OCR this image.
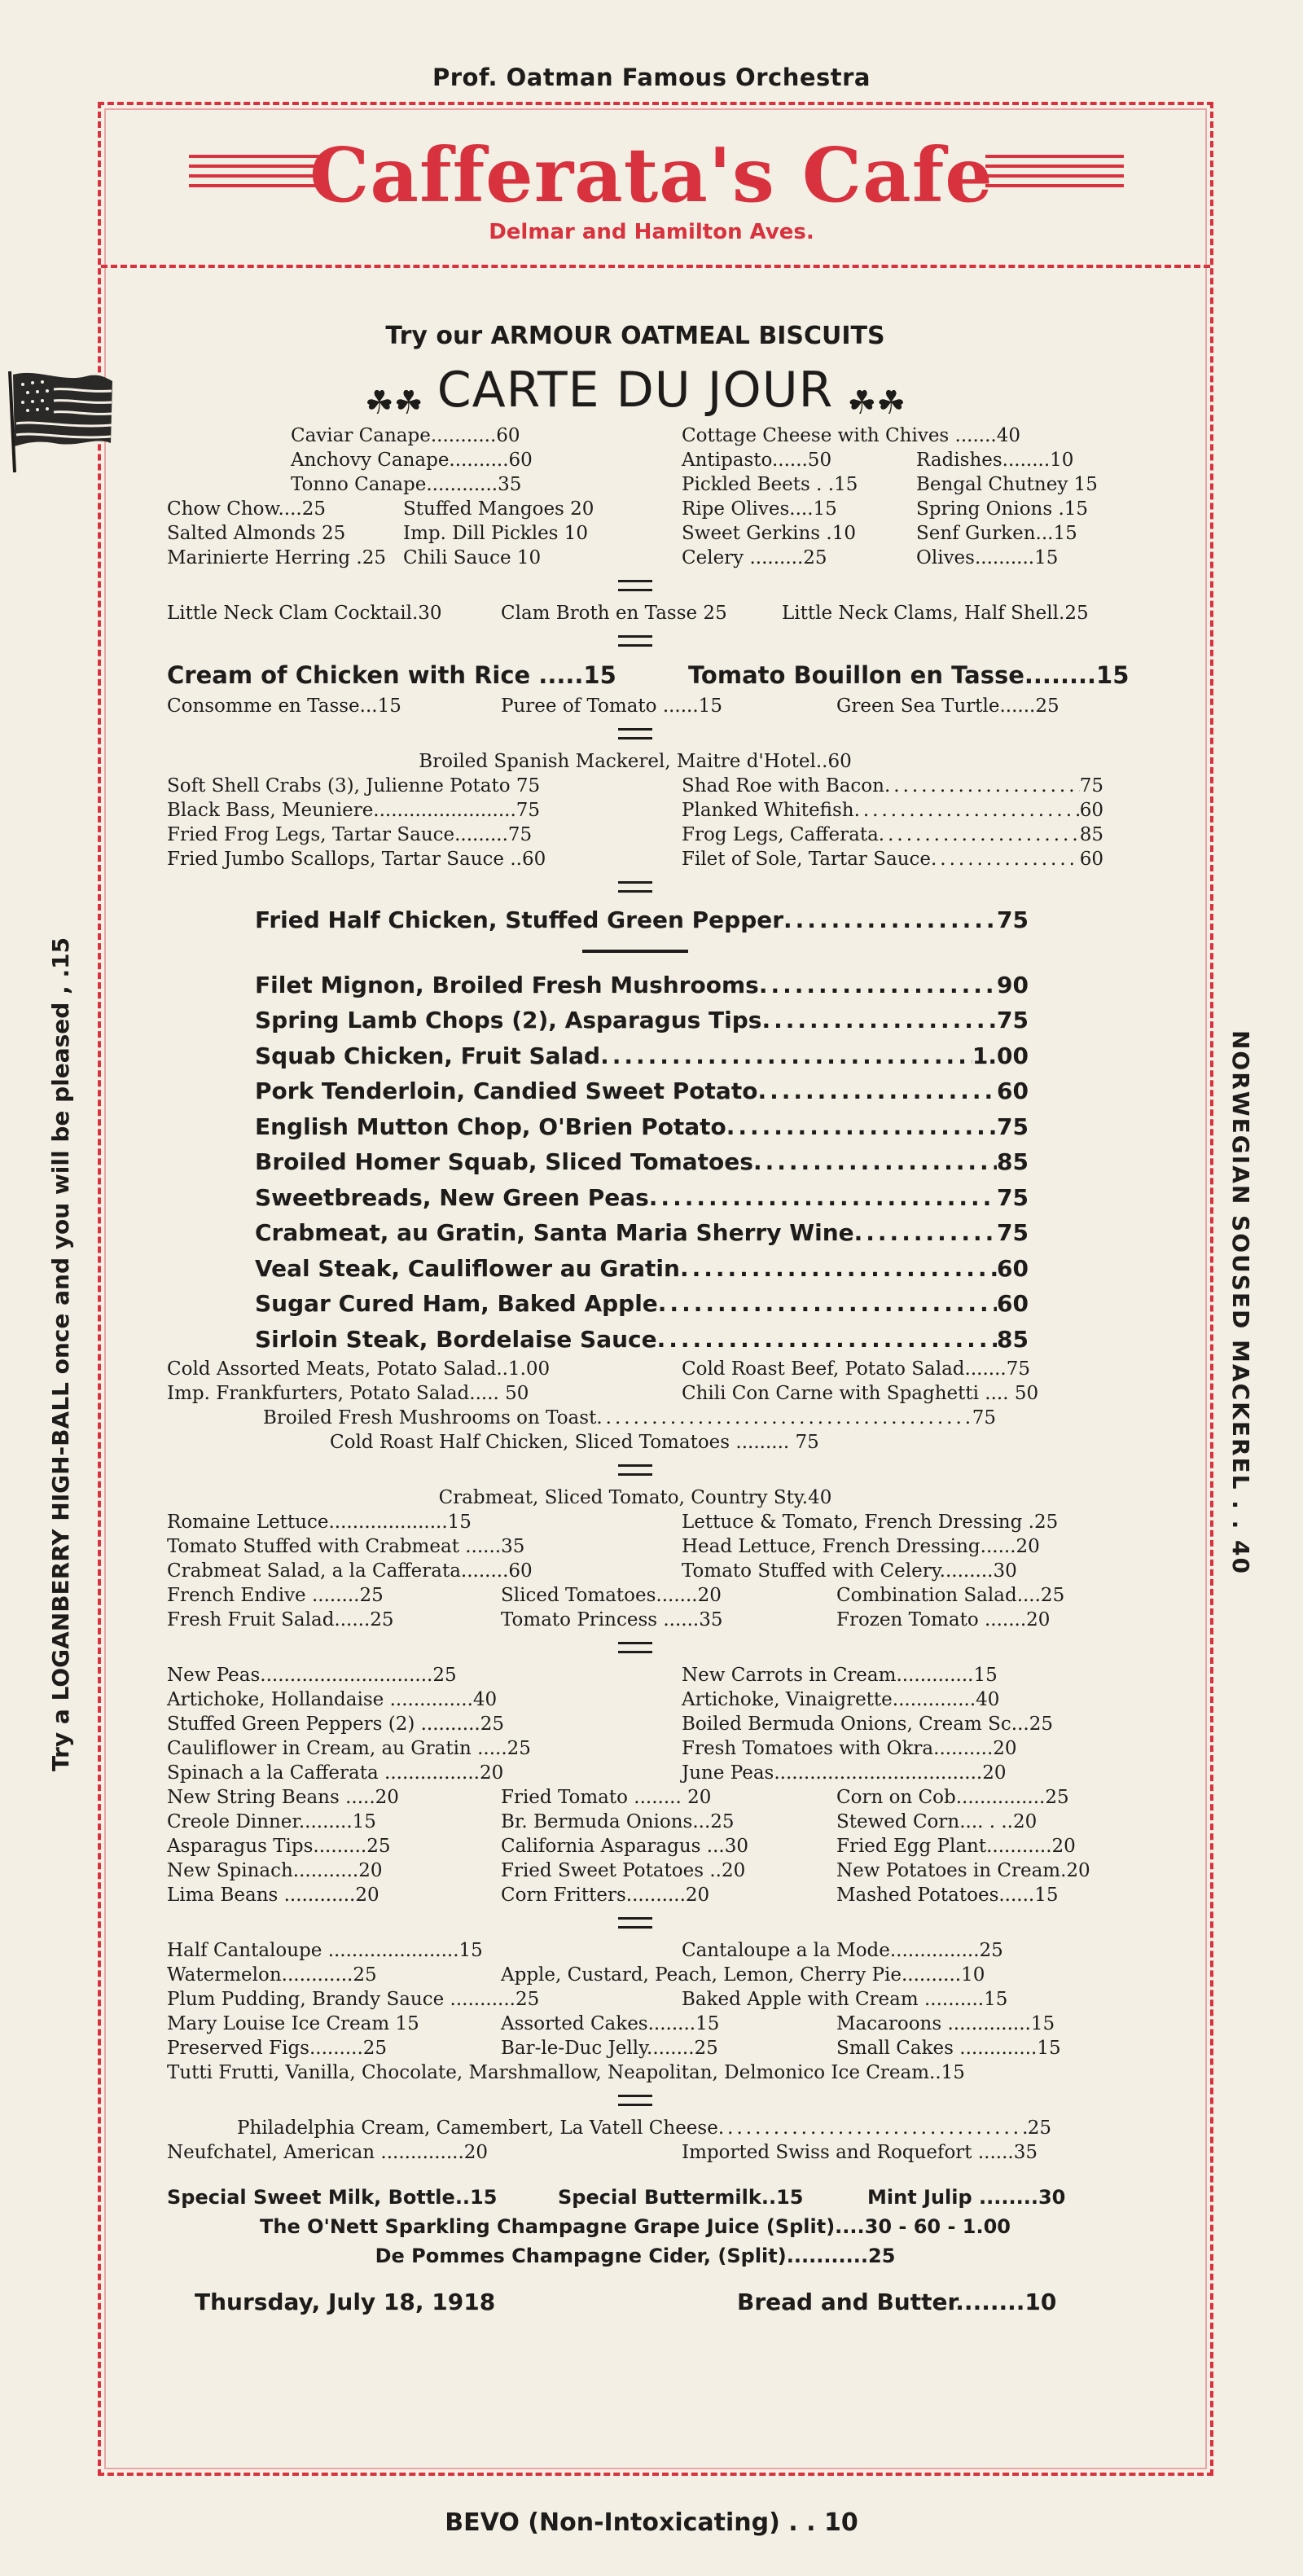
Prof. Oatman Famous Orchestra
Cafferata's Cafe
Delmar and Hamilton Aves.
Try a LOGANBERRY HIGH-BALL once and you will be pleased , .15	NORWEGIAN SOUSED MACKEREL . . 40
Try our ARMOUR OATMEAL BISCUITS
☘☘ CARTE DU JOUR ☘☘
Caviar Canape...........60	Cottage Cheese with Chives .......40
Anchovy Canape..........60	Antipasto......50	Radishes........10
Tonno Canape............35	Pickled Beets . .15	Bengal Chutney 15
Chow Chow....25	Stuffed Mangoes 20	Ripe Olives....15	Spring Onions .15
Salted Almonds 25	Imp. Dill Pickles 10	Sweet Gerkins .10	Senf Gurken...15
Marinierte Herring .25 Chili Sauce 10	Celery .........25	Olives..........15
Little Neck Clam Cocktail.30	Clam Broth en Tasse 25	Little Neck Clams, Half Shell.25
Cream of Chicken with Rice .....15	Tomato Bouillon en Tasse........15
Consomme en Tasse...15	Puree of Tomato ......15	Green Sea Turtle......25
Broiled Spanish Mackerel, Maitre d'Hotel..60
Soft Shell Crabs (3), Julienne Potato 75	Shad Roe with Bacon .....	75
Black Bass, Meuniere........................75	Planked Whitefish .....	60
Fried Frog Legs, Tartar Sauce.........75	Frog Legs, Cafferata .....	85
Fried Jumbo Scallops, Tartar Sauce ..60	Filet of Sole, Tartar Sauce .....	60
Fried Half Chicken, Stuffed Green Pepper .....	75
Filet Mignon, Broiled Fresh Mushrooms .....	90
Spring Lamb Chops (2), Asparagus Tips .....	75
Squab Chicken, Fruit Salad .....	1.00
Pork Tenderloin, Candied Sweet Potato .....	60
English Mutton Chop, O'Brien Potato .....	75
Broiled Homer Squab, Sliced Tomatoes .....	85
Sweetbreads, New Green Peas .....	75
Crabmeat, au Gratin, Santa Maria Sherry Wine .....	75
Veal Steak, Cauliflower au Gratin .....	60
Sugar Cured Ham, Baked Apple .....	60
Sirloin Steak, Bordelaise Sauce .....	85
Cold Assorted Meats, Potato Salad..1.00	Cold Roast Beef, Potato Salad.......75
Imp. Frankfurters, Potato Salad..... 50	Chili Con Carne with Spaghetti .... 50
Broiled Fresh Mushrooms on Toast .....	75
Cold Roast Half Chicken, Sliced Tomatoes ......... 75
Crabmeat, Sliced Tomato, Country Sty.40
Romaine Lettuce....................15	Lettuce & Tomato, French Dressing .25
Tomato Stuffed with Crabmeat ......35	Head Lettuce, French Dressing......20
Crabmeat Salad, a la Cafferata........60	Tomato Stuffed with Celery.........30
French Endive ........25	Sliced Tomatoes.......20	Combination Salad....25
Fresh Fruit Salad......25	Tomato Princess ......35	Frozen Tomato .......20
New Peas.............................25	New Carrots in Cream.............15
Artichoke, Hollandaise ..............40	Artichoke, Vinaigrette..............40
Stuffed Green Peppers (2) ..........25	Boiled Bermuda Onions, Cream Sc...25
Cauliflower in Cream, au Gratin .....25	Fresh Tomatoes with Okra..........20
Spinach a la Cafferata ................20	June Peas...................................20
New String Beans .....20	Fried Tomato ........ 20	Corn on Cob...............25
Creole Dinner.........15	Br. Bermuda Onions...25	Stewed Corn.... . ..20
Asparagus Tips.........25	California Asparagus ...30	Fried Egg Plant...........20
New Spinach...........20	Fried Sweet Potatoes ..20	New Potatoes in Cream.20
Lima Beans ............20	Corn Fritters..........20	Mashed Potatoes......15
Half Cantaloupe ......................15	Cantaloupe a la Mode...............25
Watermelon............25	Apple, Custard, Peach, Lemon, Cherry Pie..........10
Plum Pudding, Brandy Sauce ...........25	Baked Apple with Cream ..........15
Mary Louise Ice Cream 15	Assorted Cakes........15	Macaroons ..............15
Preserved Figs.........25	Bar-le-Duc Jelly........25	Small Cakes .............15
Tutti Frutti, Vanilla, Chocolate, Marshmallow, Neapolitan, Delmonico Ice Cream..15
Philadelphia Cream, Camembert, La Vatell Cheese .....	25
Neufchatel, American ..............20	Imported Swiss and Roquefort ......35
Special Sweet Milk, Bottle..15	Special Buttermilk..15	Mint Julip ........30
The O'Nett Sparkling Champagne Grape Juice (Split)....30 - 60 - 1.00
De Pommes Champagne Cider, (Split)...........25
Thursday, July 18, 1918	Bread and Butter........10
BEVO (Non-Intoxicating) . . 10
